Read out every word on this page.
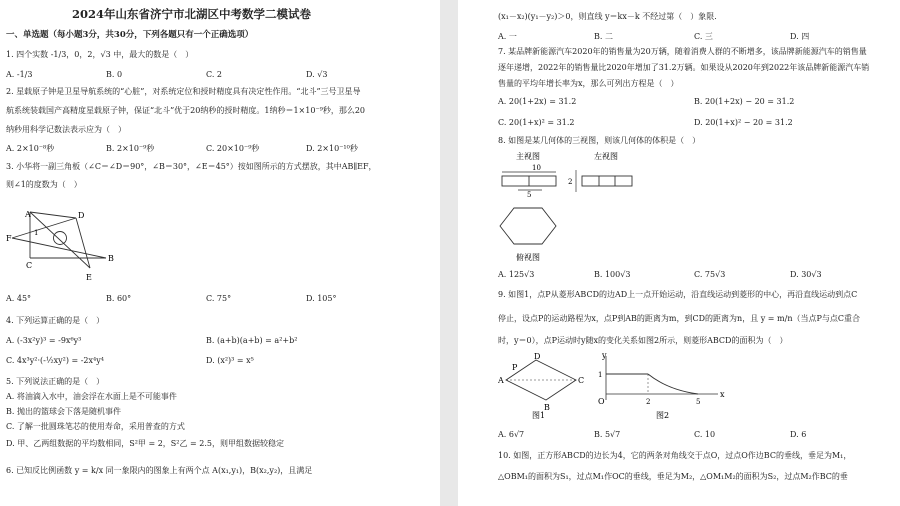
2024年山东省济宁市北湖区中考数学二模试卷
一、单选题（每小题3分，共30分，下列各题只有一个正确选项）
1. 四个实数 -1/3，0，2，√3 中，最大的数是（　）
A. -1/3	B. 0	C. 2	D. √3
2. 星载原子钟是卫星导航系统的“心脏”，对系统定位和授时精度具有决定性作用。“北斗”三号卫星导
航系统装载国产高精度星载原子钟，保证“北斗”优于20纳秒的授时精度。1纳秒＝1×10⁻⁹秒，那么20
纳秒用科学记数法表示应为（　）
A. 2×10⁻⁸秒	B. 2×10⁻⁹秒	C. 20×10⁻⁹秒	D. 2×10⁻¹⁰秒
3. 小华将一副三角板（∠C＝∠D＝90°，∠B＝30°，∠E＝45°）按如图所示的方式摆放，其中AB∥EF，
则∠1的度数为（　）
A	D
F
C
B
E
1
A. 45°	B. 60°	C. 75°	D. 105°
4. 下列运算正确的是（　）
A. (-3x²y)³ = -9x⁶y³	B. (a+b)(a+b) = a²+b²
C. 4x³y²·(-½xy²) = -2x⁴y⁴	D. (x²)³ = x⁵
5. 下列说法正确的是（　）
A. 将油滴入水中，油会浮在水面上是不可能事件
B. 抛出的篮球会下落是随机事件
C. 了解一批圆珠笔芯的使用寿命，采用普查的方式
D. 甲、乙两组数据的平均数相同，S²甲 = 2，S²乙 = 2.5，则甲组数据较稳定
6. 已知反比例函数 y = k/x 同一象限内的图象上有两个点 A(x₁,y₁)，B(x₂,y₂)，且满足
(x₁－x₂)(y₁－y₂)＞0，则直线 y＝kx－k 不经过第（　）象限．
A. 一	B. 二	C. 三	D. 四
7. 某品牌新能源汽车2020年的销售量为20万辆，随着消费人群的不断增多，该品牌新能源汽车的销售量
逐年递增，2022年的销售量比2020年增加了31.2万辆。如果设从2020年到2022年该品牌新能源汽车销
售量的平均年增长率为x，那么可列出方程是（　）
A. 20(1+2x) = 31.2	B. 20(1+2x) − 20 = 31.2
C. 20(1+x)² = 31.2	D. 20(1+x)² − 20 = 31.2
8. 如图是某几何体的三视图，则该几何体的体积是（　）
主视图	左视图
10
5
2
俯视图
A. 125√3	B. 100√3	C. 75√3	D. 30√3
9. 如图1，点P从菱形ABCD的边AD上一点开始运动，沿直线运动到菱形的中心，再沿直线运动到点C
停止，设点P的运动路程为x，点P到AB的距离为m，到CD的距离为n，且 y = m/n（当点P与点C重合
时，y＝0），点P运动时y随x的变化关系如图2所示，则菱形ABCD的面积为（　）
A
D
C
B
P
图1
y
x
O
1
2	5
图2
A. 6√7	B. 5√7	C. 10	D. 6
10. 如图，正方形ABCD的边长为4，它的两条对角线交于点O，过点O作边BC的垂线，垂足为M₁，
△OBM₁的面积为S₁，过点M₁作OC的垂线，垂足为M₂，△OM₁M₂的面积为S₂，过点M₂作BC的垂
